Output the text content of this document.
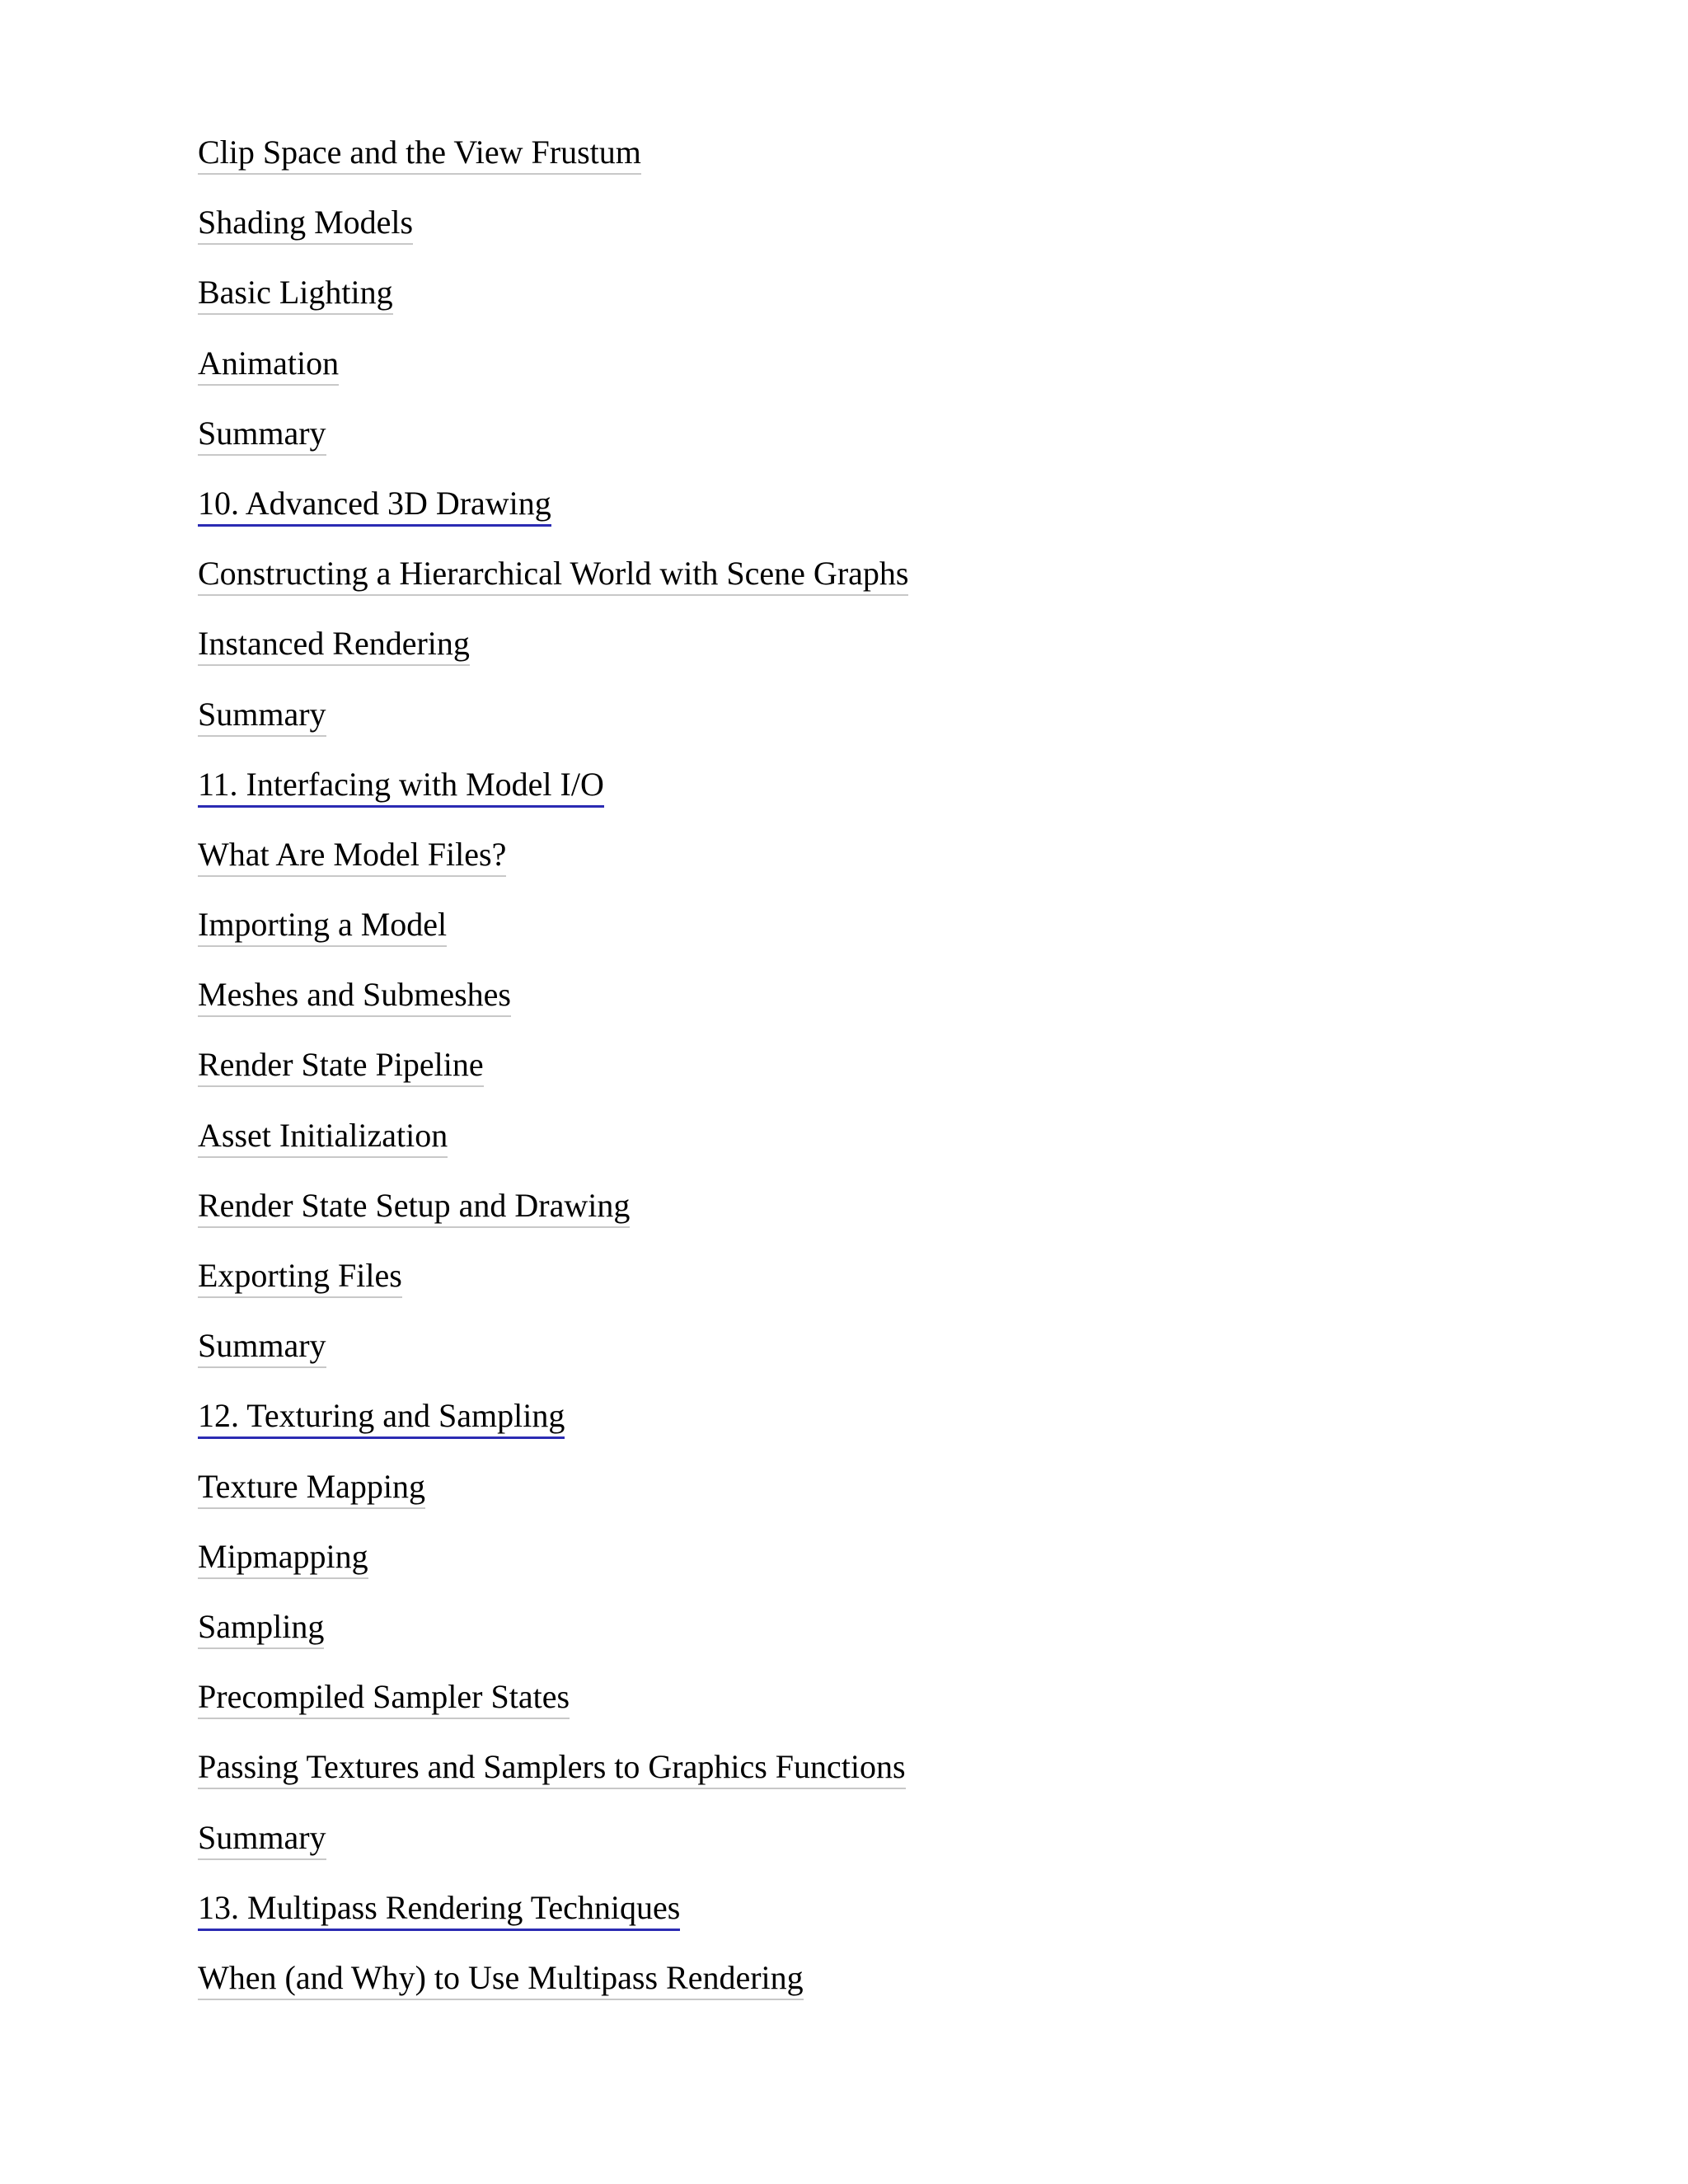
Clip Space and the View Frustum
Shading Models
Basic Lighting
Animation
Summary
10. Advanced 3D Drawing
Constructing a Hierarchical World with Scene Graphs
Instanced Rendering
Summary
11. Interfacing with Model I/O
What Are Model Files?
Importing a Model
Meshes and Submeshes
Render State Pipeline
Asset Initialization
Render State Setup and Drawing
Exporting Files
Summary
12. Texturing and Sampling
Texture Mapping
Mipmapping
Sampling
Precompiled Sampler States
Passing Textures and Samplers to Graphics Functions
Summary
13. Multipass Rendering Techniques
When (and Why) to Use Multipass Rendering
